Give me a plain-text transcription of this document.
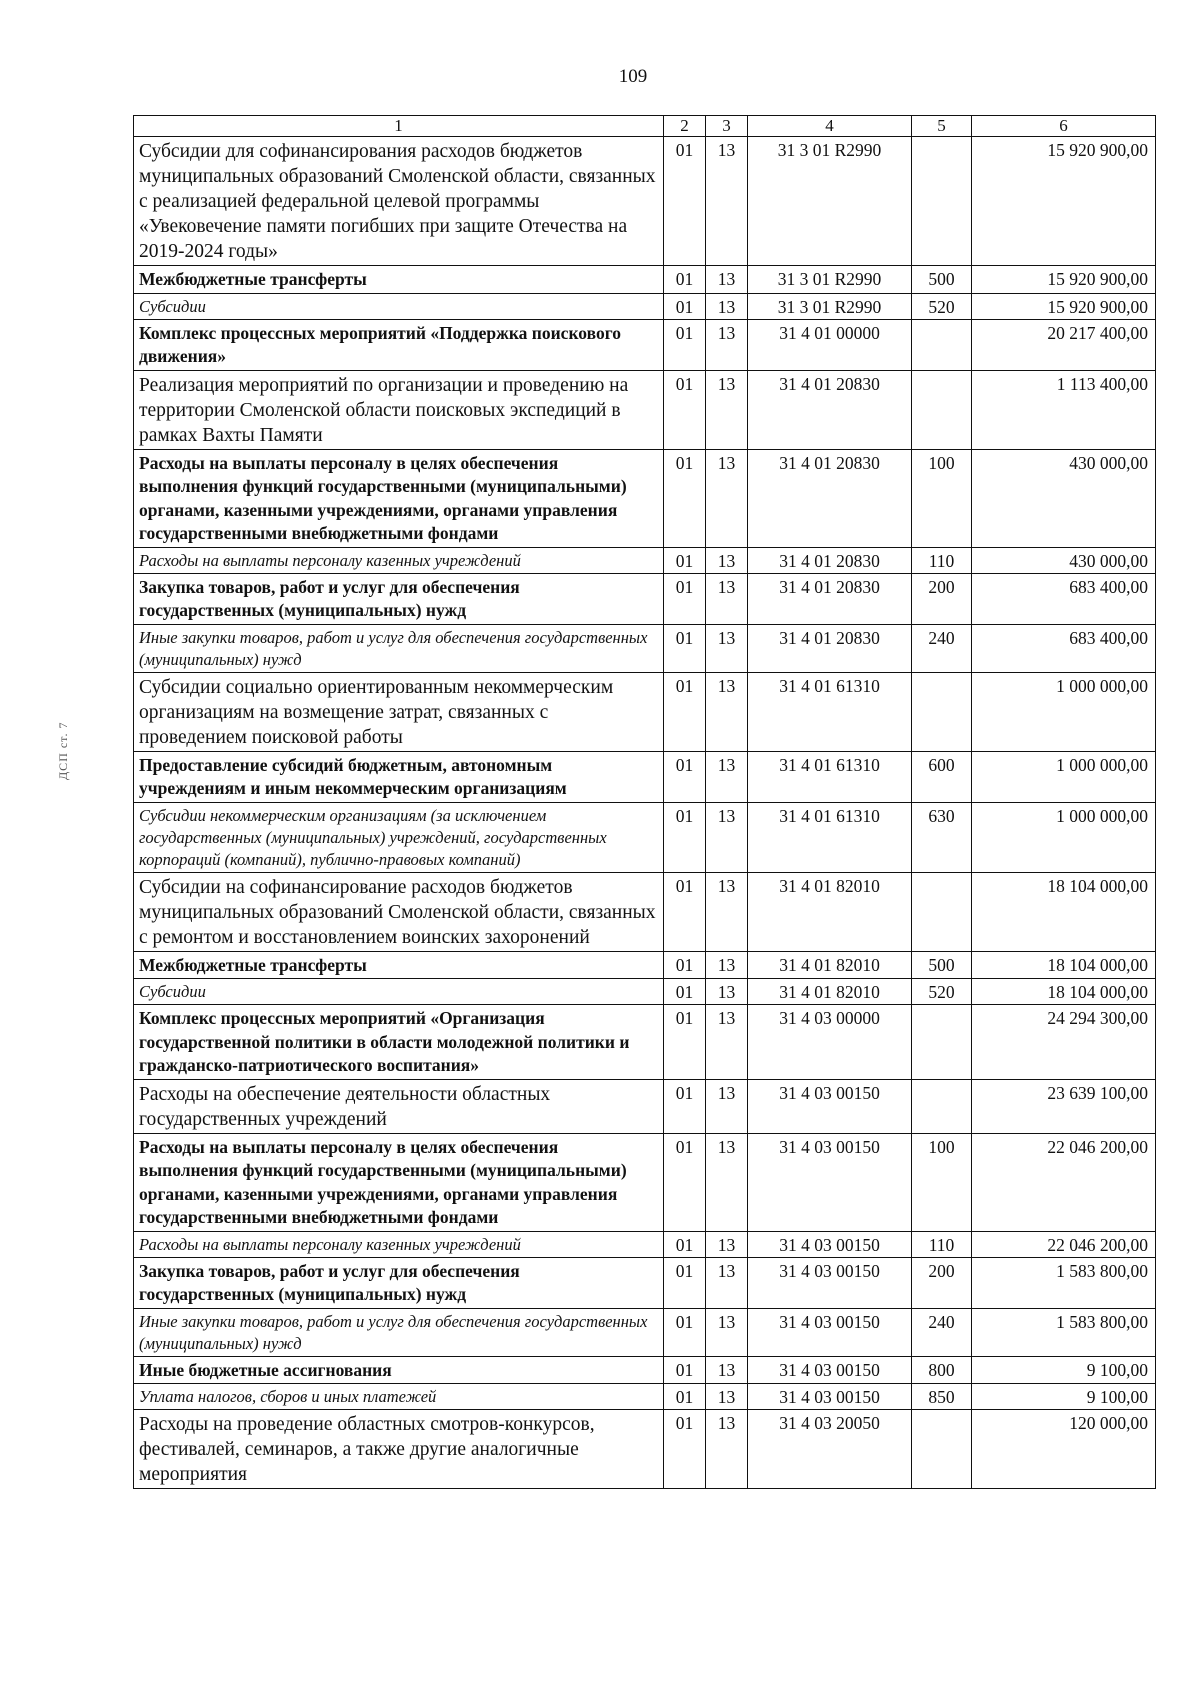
109
ДСП ст. 7
1	2	3	4	5	6
Субсидии для софинансирования расходов бюджетов муниципальных образований Смоленской области, связанных с реализацией федеральной целевой программы «Увековечение памяти погибших при защите Отечества на 2019-2024 годы»	01	13	31 3 01 R2990		15 920 900,00
Межбюджетные трансферты	01	13	31 3 01 R2990	500	15 920 900,00
Субсидии	01	13	31 3 01 R2990	520	15 920 900,00
Комплекс процессных мероприятий «Поддержка поискового движения»	01	13	31 4 01 00000		20 217 400,00
Реализация мероприятий по организации и проведению на территории Смоленской области поисковых экспедиций в рамках Вахты Памяти	01	13	31 4 01 20830		1 113 400,00
Расходы на выплаты персоналу в целях обеспечения выполнения функций государственными (муниципальными) органами, казенными учреждениями, органами управления государственными внебюджетными фондами	01	13	31 4 01 20830	100	430 000,00
Расходы на выплаты персоналу казенных учреждений	01	13	31 4 01 20830	110	430 000,00
Закупка товаров, работ и услуг для обеспечения государственных (муниципальных) нужд	01	13	31 4 01 20830	200	683 400,00
Иные закупки товаров, работ и услуг для обеспечения государственных (муниципальных) нужд	01	13	31 4 01 20830	240	683 400,00
Субсидии социально ориентированным некоммерческим организациям на возмещение затрат, связанных с проведением поисковой работы	01	13	31 4 01 61310		1 000 000,00
Предоставление субсидий бюджетным, автономным учреждениям и иным некоммерческим организациям	01	13	31 4 01 61310	600	1 000 000,00
Субсидии некоммерческим организациям (за исключением государственных (муниципальных) учреждений, государственных корпораций (компаний), публично-правовых компаний)	01	13	31 4 01 61310	630	1 000 000,00
Субсидии на софинансирование расходов бюджетов муниципальных образований Смоленской области, связанных с ремонтом и восстановлением воинских захоронений	01	13	31 4 01 82010		18 104 000,00
Межбюджетные трансферты	01	13	31 4 01 82010	500	18 104 000,00
Субсидии	01	13	31 4 01 82010	520	18 104 000,00
Комплекс процессных мероприятий «Организация государственной политики в области молодежной политики и гражданско-патриотического воспитания»	01	13	31 4 03 00000		24 294 300,00
Расходы на обеспечение деятельности областных государственных учреждений	01	13	31 4 03 00150		23 639 100,00
Расходы на выплаты персоналу в целях обеспечения выполнения функций государственными (муниципальными) органами, казенными учреждениями, органами управления государственными внебюджетными фондами	01	13	31 4 03 00150	100	22 046 200,00
Расходы на выплаты персоналу казенных учреждений	01	13	31 4 03 00150	110	22 046 200,00
Закупка товаров, работ и услуг для обеспечения государственных (муниципальных) нужд	01	13	31 4 03 00150	200	1 583 800,00
Иные закупки товаров, работ и услуг для обеспечения государственных (муниципальных) нужд	01	13	31 4 03 00150	240	1 583 800,00
Иные бюджетные ассигнования	01	13	31 4 03 00150	800	9 100,00
Уплата налогов, сборов и иных платежей	01	13	31 4 03 00150	850	9 100,00
Расходы на проведение областных смотров-конкурсов, фестивалей, семинаров, а также другие аналогичные мероприятия	01	13	31 4 03 20050		120 000,00
